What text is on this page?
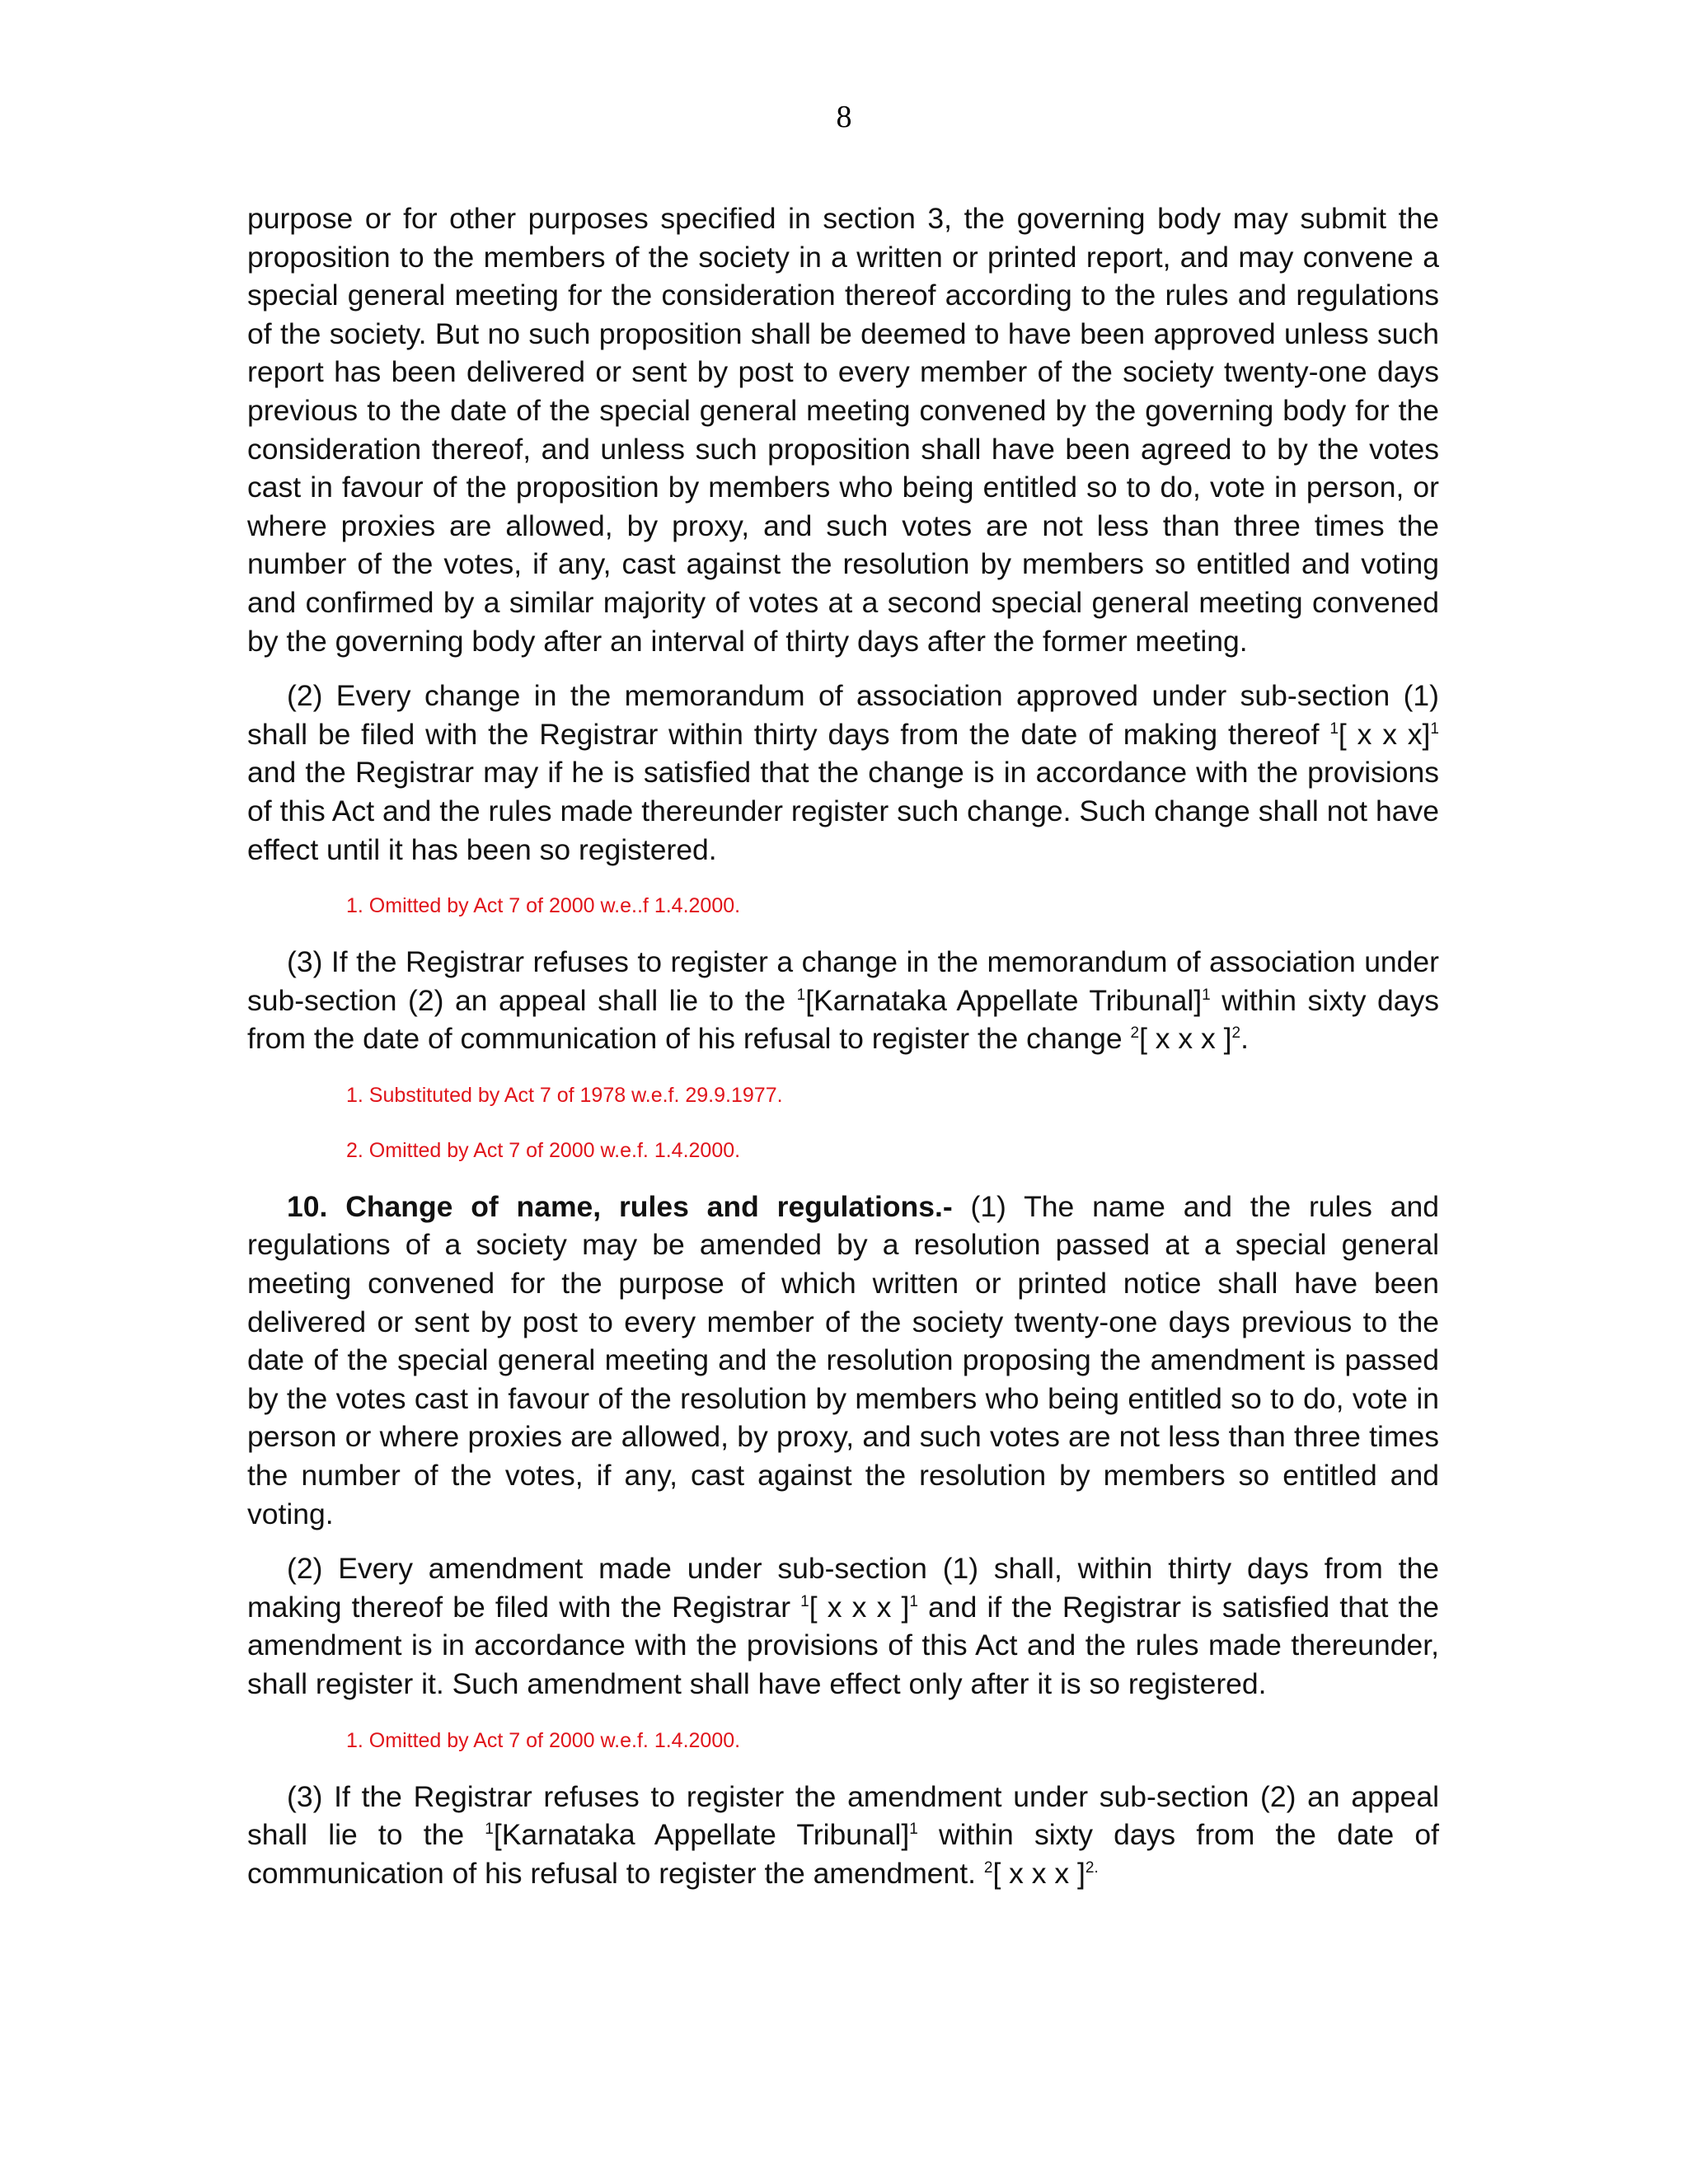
8

purpose or for other purposes specified in section 3, the governing body may submit the proposition to the members of the society in a written or printed report, and may convene a special general meeting for the consideration thereof according to the rules and regulations of the society. But no such proposition shall be deemed to have been approved unless such report has been delivered or sent by post to every member of the society twenty-one days previous to the date of the special general meeting convened by the governing body for the consideration thereof, and unless such proposition shall have been agreed to by the votes cast in favour of the proposition by members who being entitled so to do, vote in person, or where proxies are allowed, by proxy, and such votes are not less than three times the number of the votes, if any, cast against the resolution by members so entitled and voting and confirmed by a similar majority of votes at a second special general meeting convened by the governing body after an interval of thirty days after the former meeting.

(2) Every change in the memorandum of association approved under sub-section (1) shall be filed with the Registrar within thirty days from the date of making thereof $^1$[ x x x]$^1$ and the Registrar may if he is satisfied that the change is in accordance with the provisions of this Act and the rules made thereunder register such change. Such change shall not have effect until it has been so registered.

1. Omitted by Act 7 of 2000 w.e..f 1.4.2000.

(3) If the Registrar refuses to register a change in the memorandum of association under sub-section (2) an appeal shall lie to the $^1$[Karnataka Appellate Tribunal]$^1$ within sixty days from the date of communication of his refusal to register the change $^2$[ x x x ]$^2$.

1. Substituted by Act 7 of 1978 w.e.f. 29.9.1977.

2. Omitted by Act 7 of 2000 w.e.f. 1.4.2000.

10. Change of name, rules and regulations.- (1) The name and the rules and regulations of a society may be amended by a resolution passed at a special general meeting convened for the purpose of which written or printed notice shall have been delivered or sent by post to every member of the society twenty-one days previous to the date of the special general meeting and the resolution proposing the amendment is passed by the votes cast in favour of the resolution by members who being entitled so to do, vote in person or where proxies are allowed, by proxy, and such votes are not less than three times the number of the votes, if any, cast against the resolution by members so entitled and voting.

(2) Every amendment made under sub-section (1) shall, within thirty days from the making thereof be filed with the Registrar $^1$[ x x x ]$^1$ and if the Registrar is satisfied that the amendment is in accordance with the provisions of this Act and the rules made thereunder, shall register it. Such amendment shall have effect only after it is so registered.

1. Omitted by Act 7 of 2000 w.e.f. 1.4.2000.

(3) If the Registrar refuses to register the amendment under sub-section (2) an appeal shall lie to the $^1$[Karnataka Appellate Tribunal]$^1$ within sixty days from the date of communication of his refusal to register the amendment. $^2$[ x x x ]$^{2.}$
